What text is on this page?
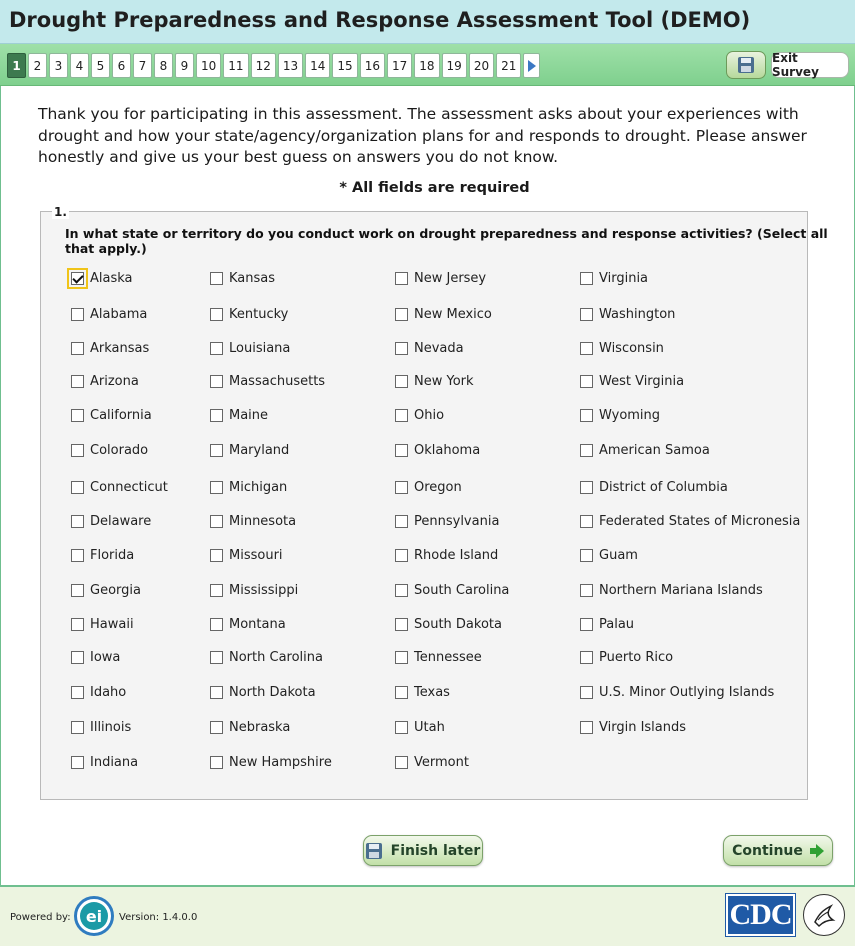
Drought Preparedness and Response Assessment Tool (DEMO)
1	2	3	4	5	6	7	8	9	10	11	12	13	14	15	16	17	18	19	20	21
Exit Survey

Thank you for participating in this assessment. The assessment asks about your experiences with drought and how your state/agency/organization plans for and responds to drought. Please answer honestly and give us your best guess on answers you do not know.

* All fields are required
1.
In what state or territory do you conduct work on drought preparedness and response activities? (Select all that apply.)
Alaska
Alabama
Arkansas
Arizona
California
Colorado
Connecticut
Delaware
Florida
Georgia
Hawaii
Iowa
Idaho
Illinois
Indiana
Kansas
Kentucky
Louisiana
Massachusetts
Maine
Maryland
Michigan
Minnesota
Missouri
Mississippi
Montana
North Carolina
North Dakota
Nebraska
New Hampshire
New Jersey
New Mexico
Nevada
New York
Ohio
Oklahoma
Oregon
Pennsylvania
Rhode Island
South Carolina
South Dakota
Tennessee
Texas
Utah
Vermont
Virginia
Washington
Wisconsin
West Virginia
Wyoming
American Samoa
District of Columbia
Federated States of Micronesia
Guam
Northern Mariana Islands
Palau
Puerto Rico
U.S. Minor Outlying Islands
Virgin Islands
Finish later	Continue
Powered by: ei	Version: 1.4.0.0	CDC
